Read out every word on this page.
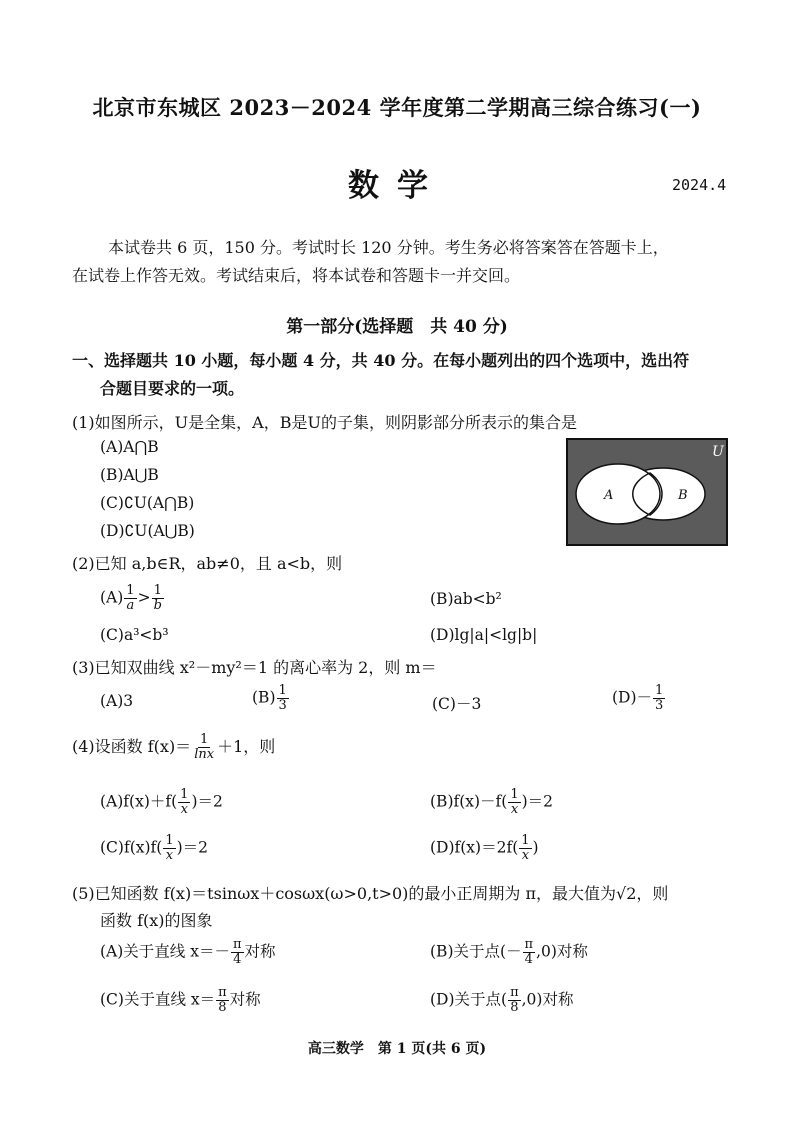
北京市东城区 2023－2024 学年度第二学期高三综合练习(一)
数学	2024.4
本试卷共 6 页，150 分。考试时长 120 分钟。考生务必将答案答在答题卡上，
在试卷上作答无效。考试结束后，将本试卷和答题卡一并交回。
第一部分(选择题　共 40 分)
一、选择题共 10 小题，每小题 4 分，共 40 分。在每小题列出的四个选项中，选出符
合题目要求的一项。
(1)如图所示，U是全集，A，B是U的子集，则阴影部分所表示的集合是
(A)A⋂B
(B)A⋃B
(C)∁U(A⋂B)
(D)∁U(A⋃B)
U
A	B
(2)已知 a,b∈R，ab≠0，且 a<b，则
$(A) \frac{1}{a} > \frac{1}{b}$	(B)ab<b²
(C)a³<b³	(D)lg|a|<lg|b|
(3)已知双曲线 x²－my²＝1 的离心率为 2，则 m＝
(A)3	$(B) \frac{1}{3}$	(C)－3	$(D)- \frac{1}{3}$
(4)设函数 $f(x)= \frac{1}{\ln x} +1$，则
$(A)f(x)+f( \frac{1}{x} )=2$	$(B)f(x)-f( \frac{1}{x} )=2$
$(C)f(x)f( \frac{1}{x} )=2$	$(D)f(x)=2f( \frac{1}{x}$ )
(5)已知函数 f(x)＝tsinωx＋cosωx(ω>0,t>0)的最小正周期为 π，最大值为√2，则
函数 f(x)的图象
(A)关于直线 $x=- \frac{\pi}{4}$ 对称	(B)关于点(－ $\frac{\pi}{4} ,0$)对称
(C)关于直线 $x= \frac{\pi}{8}$ 对称	(D)关于点( $\frac{\pi}{8} ,0$)对称
高三数学　第 1 页(共 6 页)
